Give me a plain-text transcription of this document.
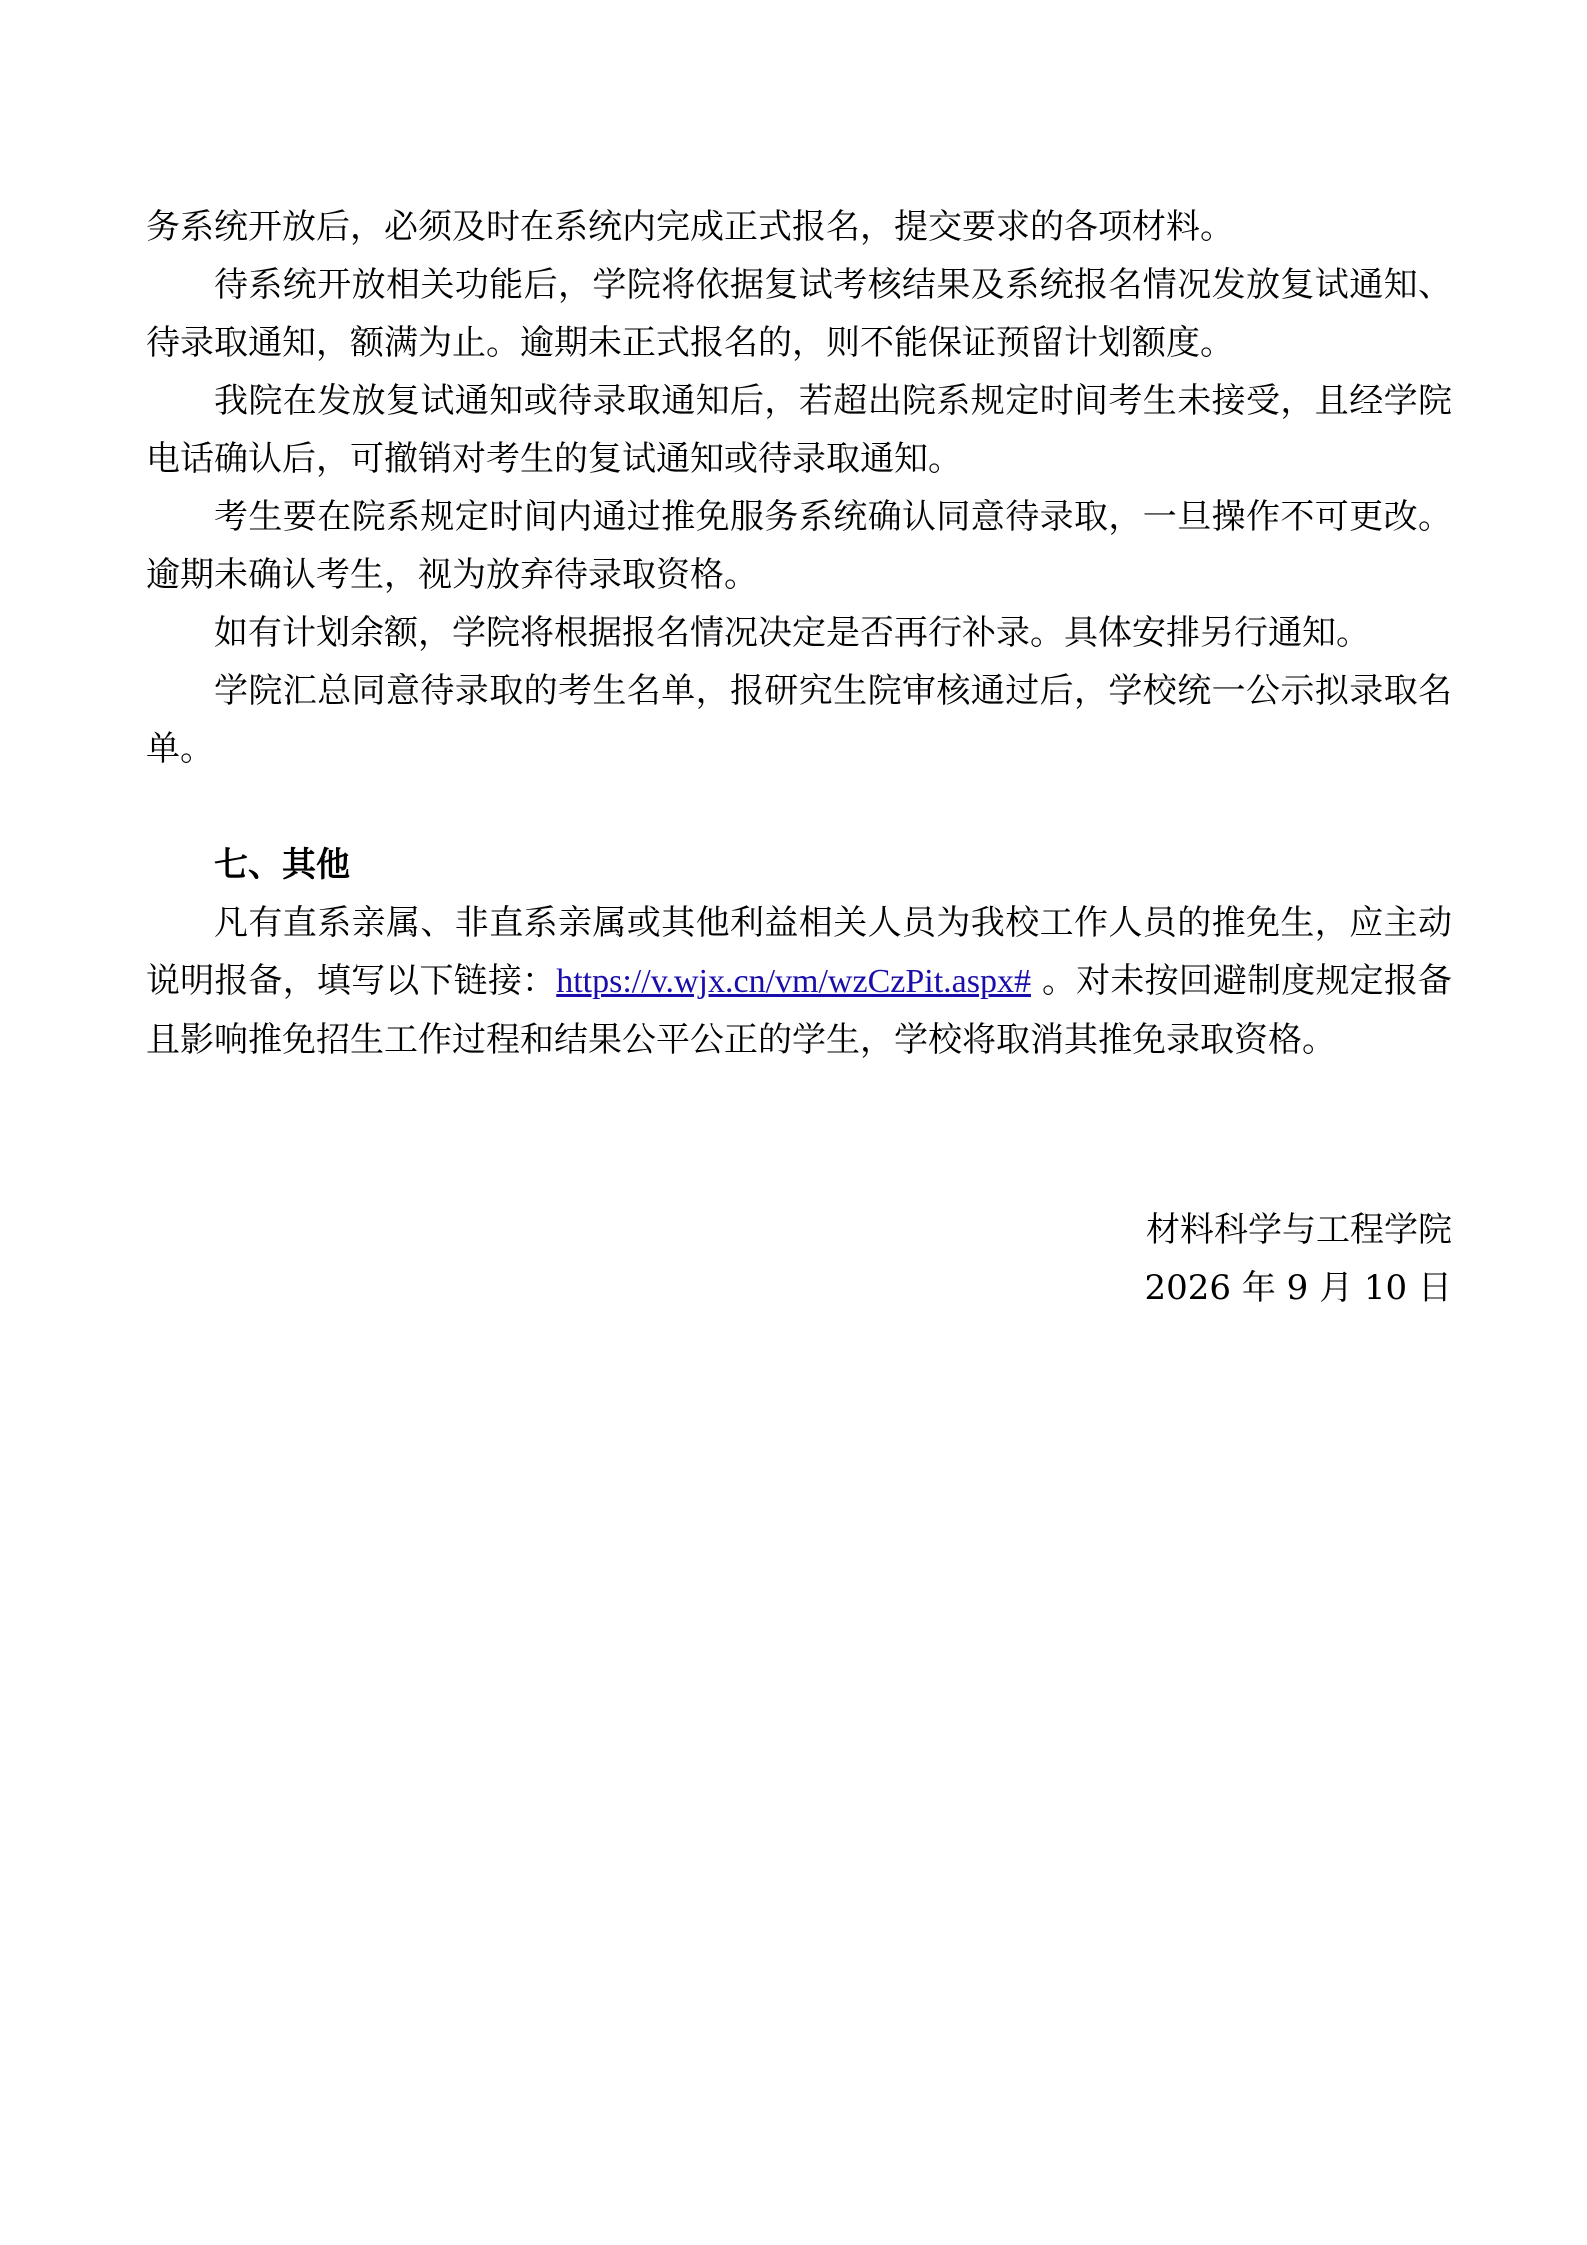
务系统开放后，必须及时在系统内完成正式报名，提交要求的各项材料。

待系统开放相关功能后，学院将依据复试考核结果及系统报名情况发放复试通知、待录取通知，额满为止。逾期未正式报名的，则不能保证预留计划额度。

我院在发放复试通知或待录取通知后，若超出院系规定时间考生未接受，且经学院电话确认后，可撤销对考生的复试通知或待录取通知。

考生要在院系规定时间内通过推免服务系统确认同意待录取，一旦操作不可更改。逾期未确认考生，视为放弃待录取资格。

如有计划余额，学院将根据报名情况决定是否再行补录。具体安排另行通知。

学院汇总同意待录取的考生名单，报研究生院审核通过后，学校统一公示拟录取名单。

七、其他

凡有直系亲属、非直系亲属或其他利益相关人员为我校工作人员的推免生，应主动说明报备，填写以下链接：https://v.wjx.cn/vm/wzCzPit.aspx# 。对未按回避制度规定报备且影响推免招生工作过程和结果公平公正的学生，学校将取消其推免录取资格。

材料科学与工程学院
2026 年 9 月 10 日
